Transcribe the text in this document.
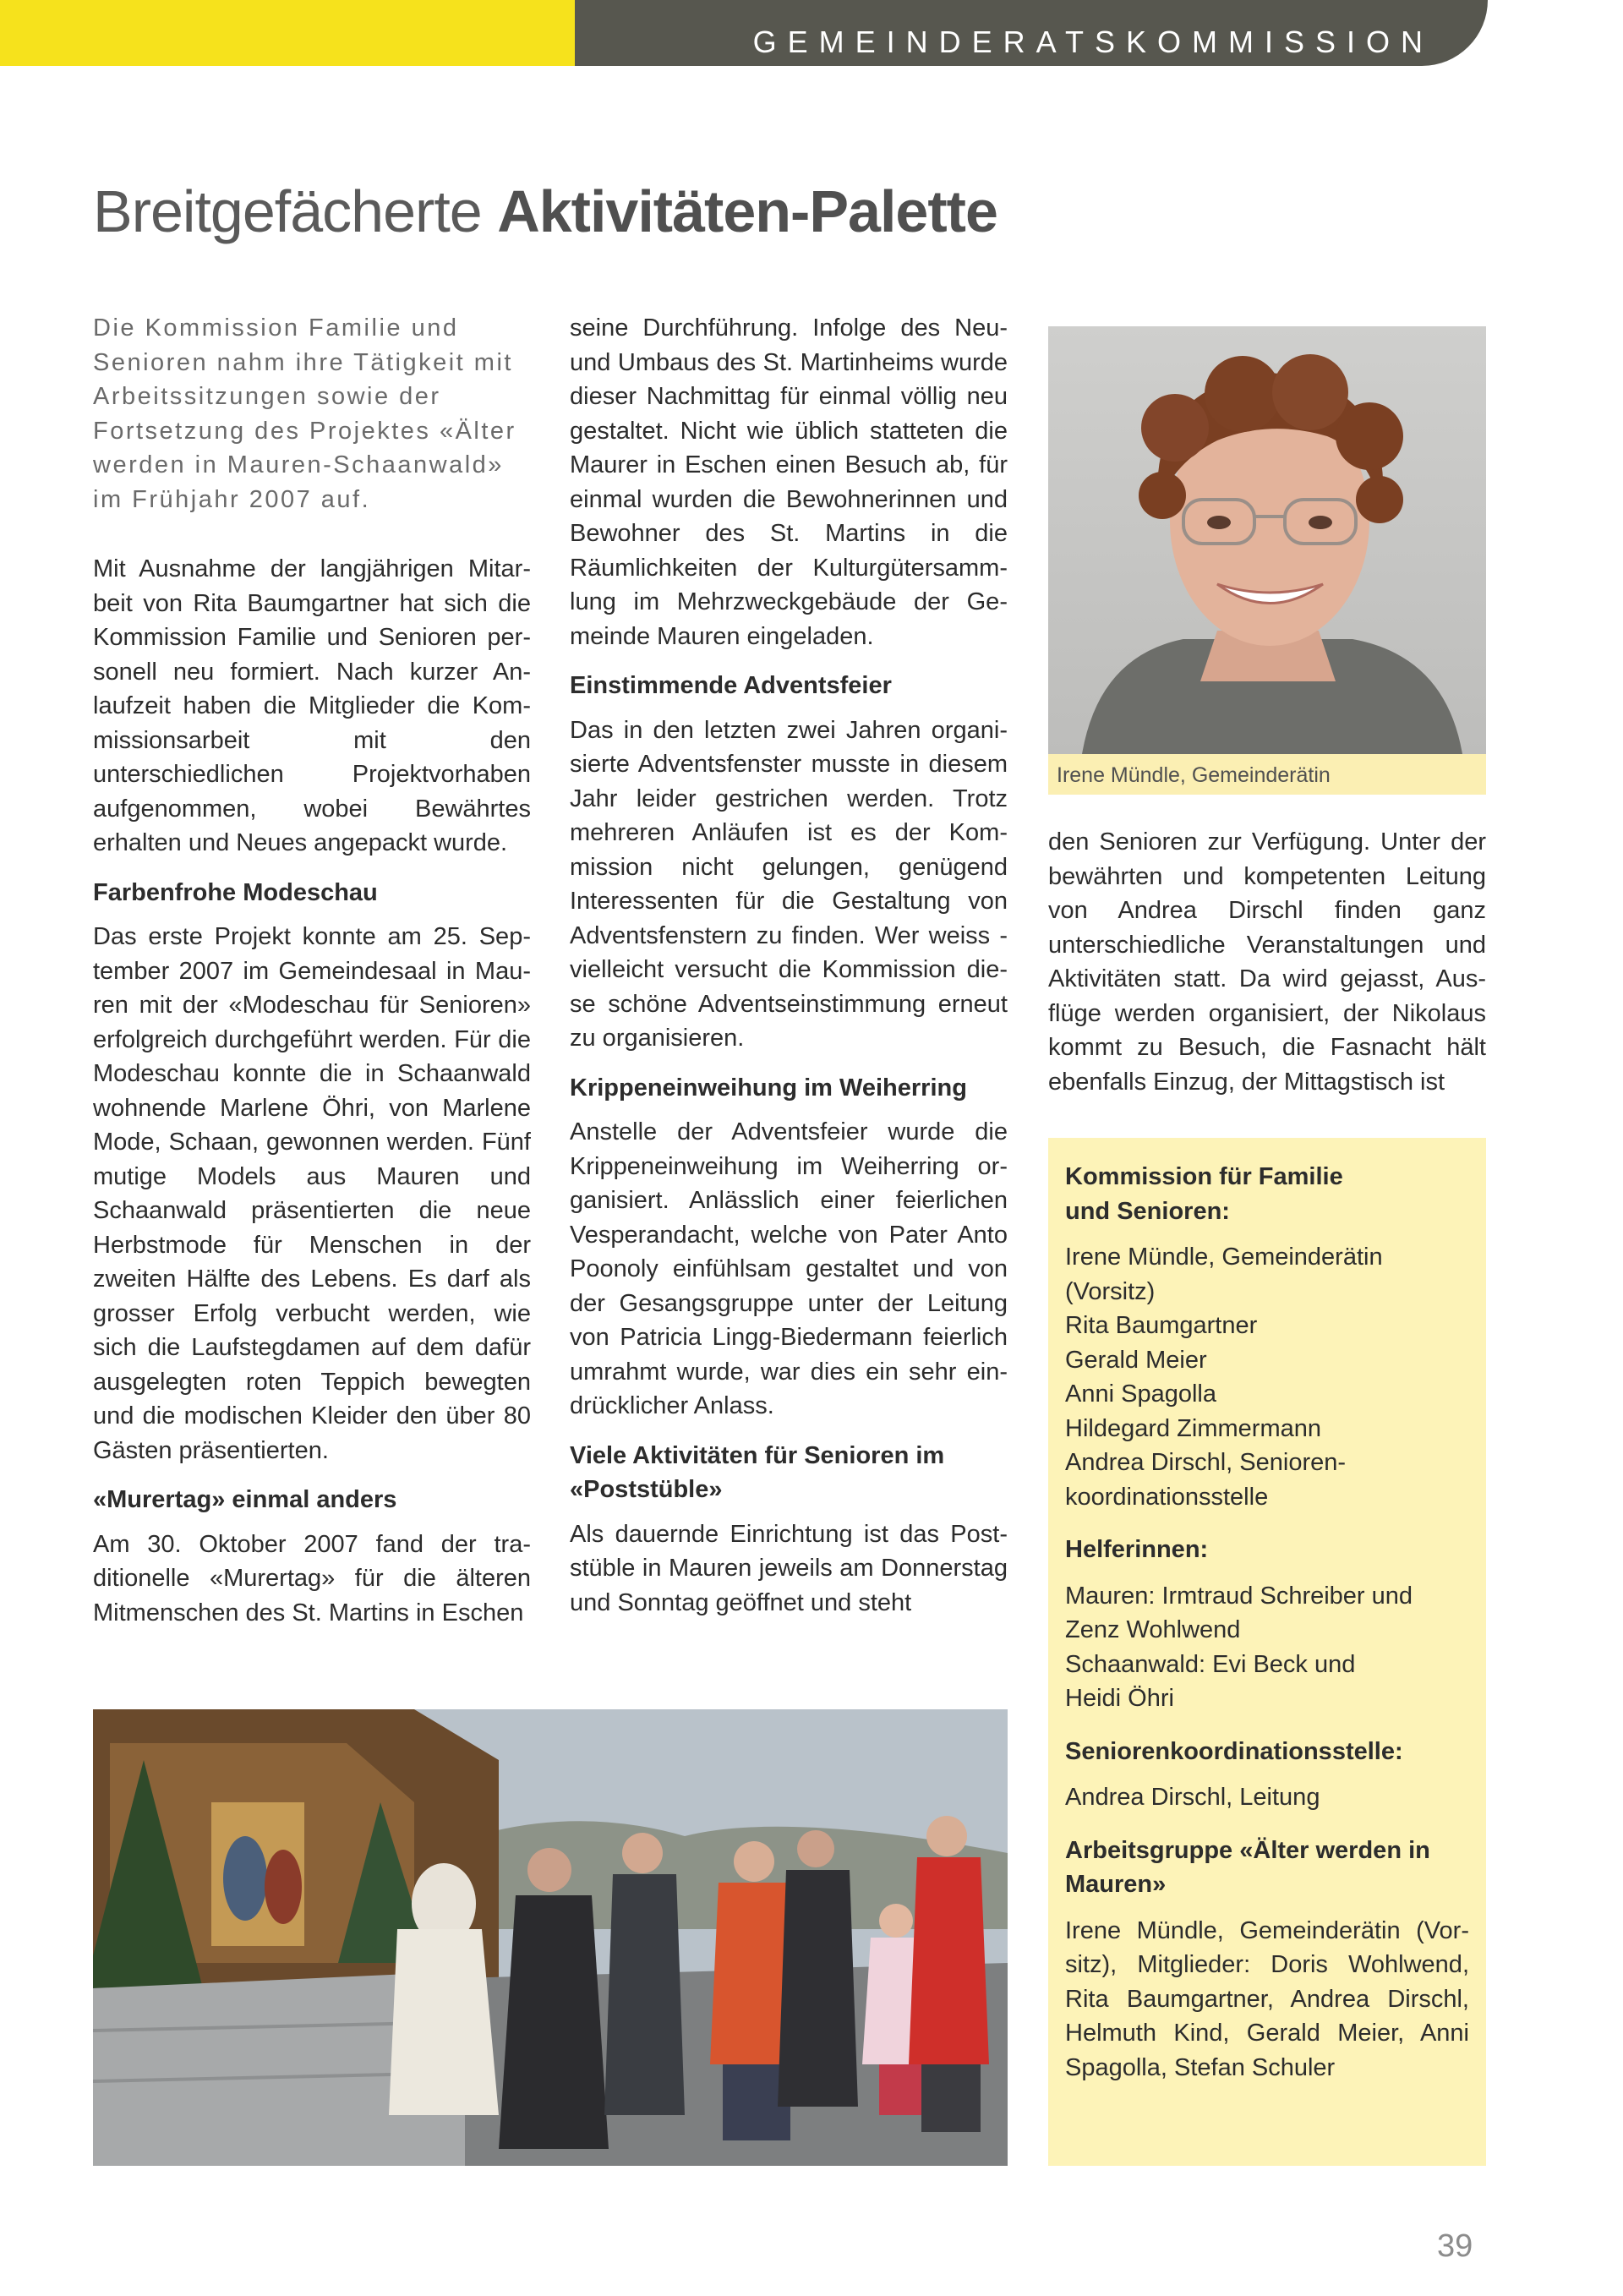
GEMEINDERATSKOMMISSION
Breitgefächerte Aktivitäten-Palette

Die Kommission Familie und Senioren nahm ihre Tätigkeit mit Arbeitssitzungen sowie der Fortsetzung des Projektes «Älter werden in Mauren-Schaanwald» im Frühjahr 2007 auf.

Mit Ausnahme der langjährigen Mitarbeit von Rita Baumgartner hat sich die Kommission Familie und Senioren personell neu formiert. Nach kurzer Anlaufzeit haben die Mitglieder die Kommissionsarbeit mit den unterschiedlichen Projektvorhaben aufgenommen, wobei Bewährtes erhalten und Neues angepackt wurde.

Farbenfrohe Modeschau

Das erste Projekt konnte am 25. September 2007 im Gemeindesaal in Mauren mit der «Modeschau für Senioren» erfolgreich durchgeführt werden. Für die Modeschau konnte die in Schaanwald wohnende Marlene Öhri, von Marlene Mode, Schaan, gewonnen werden. Fünf mutige Models aus Mauren und Schaanwald präsentierten die neue Herbstmode für Menschen in der zweiten Hälfte des Lebens. Es darf als grosser Erfolg verbucht werden, wie sich die Laufstegdamen auf dem dafür ausgelegten roten Teppich bewegten und die modischen Kleider den über 80 Gästen präsentierten.

«Murertag» einmal anders

Am 30. Oktober 2007 fand der traditionelle «Murertag» für die älteren Mitmenschen des St. Martins in Eschen

seine Durchführung. Infolge des Neu- und Umbaus des St. Martinheims wurde dieser Nachmittag für einmal völlig neu gestaltet. Nicht wie üblich statteten die Maurer in Eschen einen Besuch ab, für einmal wurden die Bewohnerinnen und Bewohner des St. Martins in die Räumlichkeiten der Kulturgütersammlung im Mehrzweckgebäude der Gemeinde Mauren eingeladen.

Einstimmende Adventsfeier

Das in den letzten zwei Jahren organisierte Adventsfenster musste in diesem Jahr leider gestrichen werden. Trotz mehreren Anläufen ist es der Kommission nicht gelungen, genügend Interessenten für die Gestaltung von Adventsfenstern zu finden. Wer weiss - vielleicht versucht die Kommission diese schöne Adventseinstimmung erneut zu organisieren.

Krippeneinweihung im Weiherring

Anstelle der Adventsfeier wurde die Krippeneinweihung im Weiherring organisiert. Anlässlich einer feierlichen Vesperandacht, welche von Pater Anto Poonoly einfühlsam gestaltet und von der Gesangsgruppe unter der Leitung von Patricia Lingg-Biedermann feierlich umrahmt wurde, war dies ein sehr eindrücklicher Anlass.

Viele Aktivitäten für Senioren im «Poststüble»

Als dauernde Einrichtung ist das Poststüble in Mauren jeweils am Donnerstag und Sonntag geöffnet und steht

Irene Mündle, Gemeinderätin

den Senioren zur Verfügung. Unter der bewährten und kompetenten Leitung von Andrea Dirschl finden ganz unterschiedliche Veranstaltungen und Aktivitäten statt. Da wird gejasst, Ausflüge werden organisiert, der Nikolaus kommt zu Besuch, die Fasnacht hält ebenfalls Einzug, der Mittagstisch ist

Kommission für Familie
und Senioren:

Irene Mündle, Gemeinderätin

(Vorsitz)

Rita Baumgartner

Gerald Meier

Anni Spagolla

Hildegard Zimmermann

Andrea Dirschl, Senioren-

koordinationsstelle

Helferinnen:

Mauren: Irmtraud Schreiber und

Zenz Wohlwend

Schaanwald: Evi Beck und

Heidi Öhri

Seniorenkoordinationsstelle:

Andrea Dirschl, Leitung

Arbeitsgruppe «Älter werden in Mauren»

Irene Mündle, Gemeinderätin (Vorsitz), Mitglieder: Doris Wohlwend, Rita Baumgartner, Andrea Dirschl, Helmuth Kind, Gerald Meier, Anni Spagolla, Stefan Schuler

39
